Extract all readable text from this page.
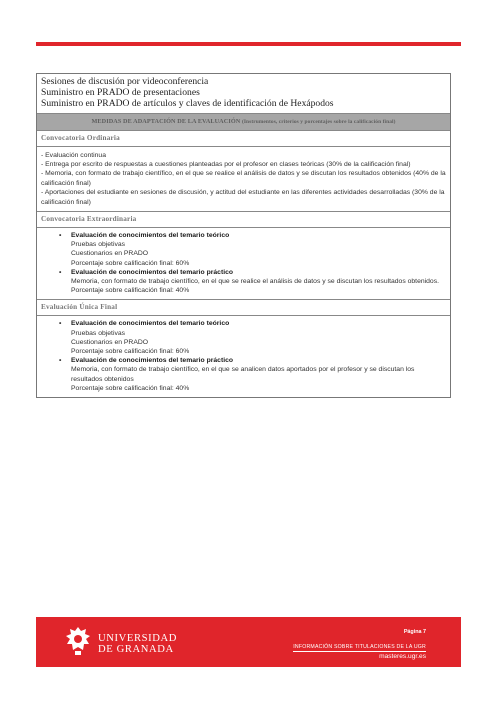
Sesiones de discusión por videoconferencia
Suministro en PRADO de presentaciones
Suministro en PRADO de artículos y claves de identificación de Hexápodos
MEDIDAS DE ADAPTACIÓN DE LA EVALUACIÓN (Instrumentos, criterios y porcentajes sobre la calificación final)
Convocatoria Ordinaria
- Evaluación continua
- Entrega por escrito de respuestas a cuestiones planteadas por el profesor en clases teóricas (30% de la calificación final)
- Memoria, con formato de trabajo científico, en el que se realice el análisis de datos y se discutan los resultados obtenidos (40% de la calificación final)
- Aportaciones del estudiante en sesiones de discusión, y actitud del estudiante en las diferentes actividades desarrolladas (30% de la calificación final)
Convocatoria Extraordinaria
• Evaluación de conocimientos del temario teórico
Pruebas objetivas
Cuestionarios en PRADO
Porcentaje sobre calificación final: 60%
• Evaluación de conocimientos del temario práctico
Memoria, con formato de trabajo científico, en el que se realice el análisis de datos y se discutan los resultados obtenidos.
Porcentaje sobre calificación final: 40%
Evaluación Única Final
• Evaluación de conocimientos del temario teórico
Pruebas objetivas
Cuestionarios en PRADO
Porcentaje sobre calificación final: 60%
• Evaluación de conocimientos del temario práctico
Memoria, con formato de trabajo científico, en el que se analicen datos aportados por el profesor y se discutan los resultados obtenidos
Porcentaje sobre calificación final: 40%
UNIVERSIDAD
DE GRANADA
Página 7
INFORMACIÓN SOBRE TITULACIONES DE LA UGR
masteres.ugr.es
